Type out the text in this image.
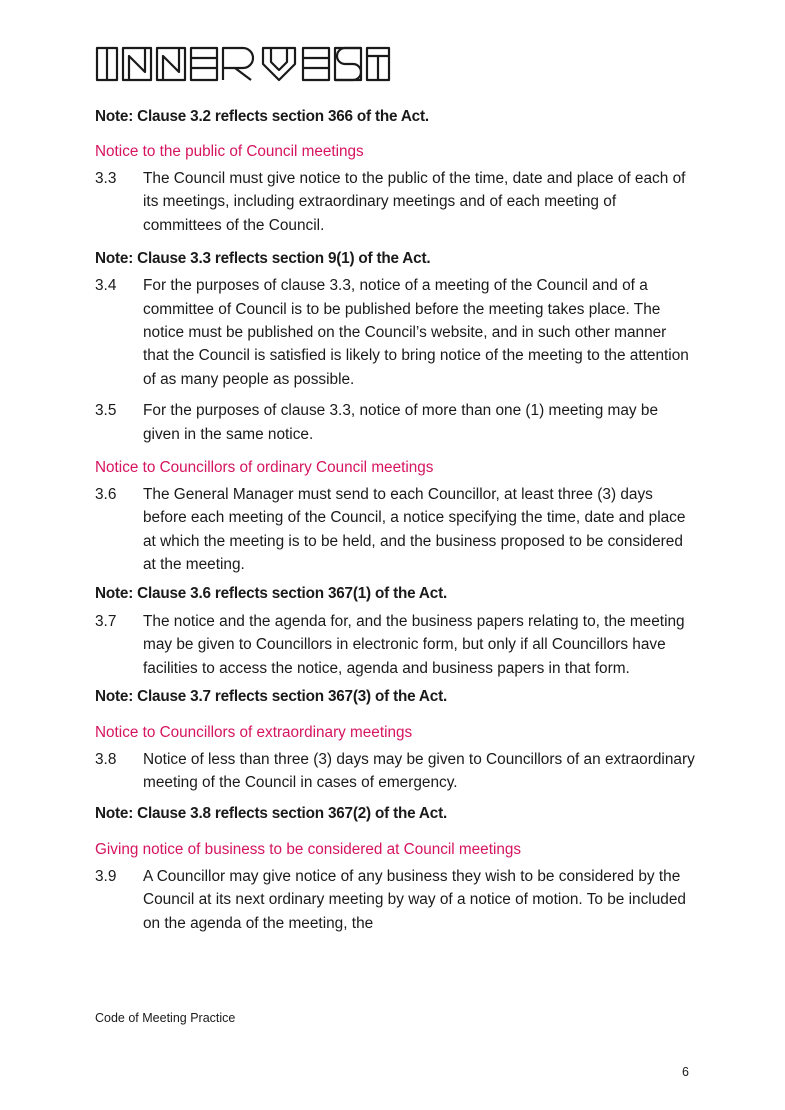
Note: Clause 3.2 reflects section 366 of the Act.

Notice to the public of Council meetings

3.3	The Council must give notice to the public of the time, date and place of each of its meetings, including extraordinary meetings and of each meeting of committees of the Council.

Note: Clause 3.3 reflects section 9(1) of the Act.

3.4	For the purposes of clause 3.3, notice of a meeting of the Council and of a committee of Council is to be published before the meeting takes place. The notice must be published on the Council’s website, and in such other manner that the Council is satisfied is likely to bring notice of the meeting to the attention of as many people as possible.
3.5	For the purposes of clause 3.3, notice of more than one (1) meeting may be given in the same notice.

Notice to Councillors of ordinary Council meetings

3.6	The General Manager must send to each Councillor, at least three (3) days before each meeting of the Council, a notice specifying the time, date and place at which the meeting is to be held, and the business proposed to be considered at the meeting.

Note: Clause 3.6 reflects section 367(1) of the Act.

3.7	The notice and the agenda for, and the business papers relating to, the meeting may be given to Councillors in electronic form, but only if all Councillors have facilities to access the notice, agenda and business papers in that form.

Note: Clause 3.7 reflects section 367(3) of the Act.

Notice to Councillors of extraordinary meetings

3.8	Notice of less than three (3) days may be given to Councillors of an extraordinary meeting of the Council in cases of emergency.

Note: Clause 3.8 reflects section 367(2) of the Act.

Giving notice of business to be considered at Council meetings

3.9	A Councillor may give notice of any business they wish to be considered by the Council at its next ordinary meeting by way of a notice of motion. To be included on the agenda of the meeting, the
Code of Meeting Practice
6
